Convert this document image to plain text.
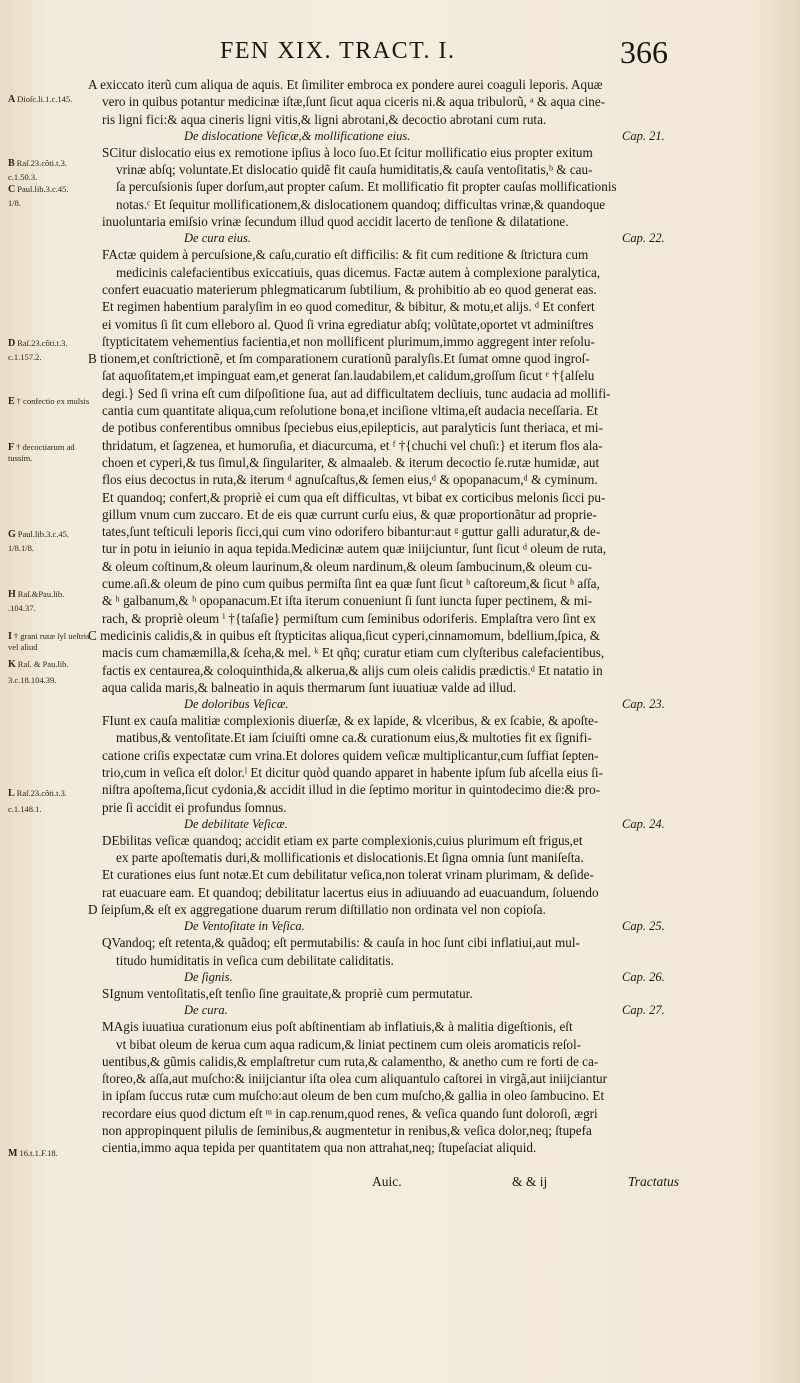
FEN XIX. TRACT. I.	366
A Dioſc.li.1.c.145.
B Raſ.23.côti.t.3.
c.1.50.3.
C Paul.lib.3.c.45.
1/8.
D Raſ.23.côti.t.3.
c.1.157.2.
E † confectio ex mulsis
F † decoctiarum ad tussim.
G Paul.lib.3.c.45.
1/8.1/8.
H Raſ.&Pau.lib.
.104.37.
I † grani rutæ ſyl ueſtris vel aliud
K Raſ. & Pau.lib.
3.c.18.104.39.
L Raſ.23.côti.t.3.
c.1.148.1.
M 16.t.1.F.18.
A exiccato iterũ cum aliqua de aquis. Et ſimiliter embroca ex pondere aurei coaguli leporis. Aquæ
vero in quibus potantur medicinæ iſtæ,ſunt ſicut aqua ciceris ni.& aqua tribulorũ, ᵃ & aqua cine-
ris ligni fici:& aqua cineris ligni vitis,& ligni abrotani,& decoctio abrotani cum ruta.
De dislocatione Veſicæ,& mollificatione eius.	Cap. 21.
SCitur dislocatio eius ex remotione ipſius à loco ſuo.Et ſcitur mollificatio eius propter exitum
vrinæ abſq; voluntate.Et dislocatio quidẽ fit cauſa humiditatis,& cauſa ventoſitatis,ᵇ & cau-
ſa percuſsionis ſuper dorſum,aut propter caſum. Et mollificatio fit propter cauſas mollificationis
notas.ᶜ Et ſequitur mollificationem,& dislocationem quandoq; difficultas vrinæ,& quandoque
inuoluntaria emiſsio vrinæ ſecundum illud quod accidit lacerto de tenſione & dilatatione.
De cura eius.	Cap. 22.
FActæ quidem à percuſsione,& caſu,curatio eſt difficilis: & fit cum reditione & ſtrictura cum
medicinis calefacientibus exiccatiuis, quas dicemus. Factæ autem à complexione paralytica,
confert euacuatio materierum phlegmaticarum ſubtilium, & prohibitio ab eo quod generat eas.
Et regimen habentium paralyſim in eo quod comeditur, & bibitur, & motu,et alijs. ᵈ Et confert
ei vomitus ſi ſit cum elleboro al. Quod ſi vrina egrediatur abſq; volũtate,oportet vt adminiſtres
ſtypticitatem vehementius facientia,et non mollificent plurimum,immo aggregent inter reſolu-
B tionem,et conſtrictionẽ, et ſm comparationem curationũ paralyſis.Et ſumat omne quod ingroſ-
ſat aquoſitatem,et impinguat eam,et generat ſan.laudabilem,et calidum,groſſum ſicut ᵉ †{alſelu
degi.} Sed ſi vrina eſt cum diſpoſitione ſua, aut ad difficultatem decliuis, tunc audacia ad mollifi-
cantia cum quantitate aliqua,cum reſolutione bona,et inciſione vltima,eſt audacia neceſſaria. Et
de potibus conferentibus omnibus ſpeciebus eius,epilepticis, aut paralyticis ſunt theriaca, et mi-
thridatum, et ſagzenea, et humoruſia, et diacurcuma, et ᶠ †{chuchi vel chuſi:} et iterum flos ala-
choen et cyperi,& tus ſimul,& ſingulariter, & almaaleb. & iterum decoctio ſe.rutæ humidæ, aut
flos eius decoctus in ruta,& iterum ᵈ agnuſcaſtus,& ſemen eius,ᵈ & opopanacum,ᵈ & cyminum.
Et quandoq; confert,& propriè ei cum qua eſt difficultas, vt bibat ex corticibus melonis ſicci pu-
gillum vnum cum zuccaro. Et de eis quæ currunt curſu eius, & quæ proportionãtur ad proprie-
tates,ſunt teſticuli leporis ſicci,qui cum vino odorifero bibantur:aut ᵍ guttur galli aduratur,& de-
tur in potu in ieiunio in aqua tepida.Medicinæ autem quæ iniĳciuntur, ſunt ſicut ᵈ oleum de ruta,
& oleum coſtinum,& oleum laurinum,& oleum nardinum,& oleum ſambucinum,& oleum cu-
cume.aſi.& oleum de pino cum quibus permiſta ſint ea quæ ſunt ſicut ʰ caſtoreum,& ſicut ʰ aſſa,
& ʰ galbanum,& ʰ opopanacum.Et iſta iterum conueniunt ſi ſunt iuncta ſuper pectinem, & mi-
rach, & propriè oleum ⁱ †{taſaſie} permiſtum cum ſeminibus odoriferis. Emplaſtra vero ſint ex
C medicinis calidis,& in quibus eſt ſtypticitas aliqua,ſicut cyperi,cinnamomum, bdellium,ſpica, &
macis cum chamæmilla,& ſceha,& mel. ᵏ Et qñq; curatur etiam cum clyſteribus calefacientibus,
factis ex centaurea,& coloquinthida,& alkerua,& alijs cum oleis calidis prædictis.ᵈ Et natatio in
aqua calida maris,& balneatio in aquis thermarum ſunt iuuatiuæ valde ad illud.
De doloribus Veſicæ.	Cap. 23.
FIunt ex cauſa malitiæ complexionis diuerſæ, & ex lapide, & vlceribus, & ex ſcabie, & apoſte-
matibus,& ventoſitate.Et iam ſciuiſti omne ca.& curationum eius,& multoties fit ex ſignifi-
catione criſis expectatæ cum vrina.Et dolores quidem veſicæ multiplicantur,cum ſuffiat ſepten-
trio,cum in veſica eſt dolor.ˡ Et dicitur quòd quando apparet in habente ipſum ſub aſcella eius ſi-
niſtra apoſtema,ſicut cydonia,& accidit illud in die ſeptimo moritur in quintodecimo die:& pro-
prie ſi accidit ei profundus ſomnus.
De debilitate Veſicæ.	Cap. 24.
DEbilitas veſicæ quandoq; accidit etiam ex parte complexionis,cuius plurimum eſt frigus,et
ex parte apoſtematis duri,& mollificationis et dislocationis.Et ſigna omnia ſunt maniſeſta.
Et curationes eius ſunt notæ.Et cum debilitatur veſica,non tolerat vrinam plurimam, & deſide-
rat euacuare eam. Et quandoq; debilitatur lacertus eius in adiuuando ad euacuandum, ſoluendo
D ſeipſum,& eſt ex aggregatione duarum rerum diſtillatio non ordinata vel non copioſa.
De Ventoſitate in Veſica.	Cap. 25.
QVandoq; eſt retenta,& quãdoq; eſt permutabilis: & cauſa in hoc ſunt cibi inflatiui,aut mul-
titudo humiditatis in veſica cum debilitate caliditatis.
De ſignis.	Cap. 26.
SIgnum ventoſitatis,eſt tenſio ſine grauitate,& propriè cum permutatur.
De cura.	Cap. 27.
MAgis iuuatiua curationum eius poſt abſtinentiam ab inflatiuis,& à malitia digeſtionis, eſt
vt bibat oleum de kerua cum aqua radicum,& liniat pectinem cum oleis aromaticis reſol-
uentibus,& gũmis calidis,& emplaſtretur cum ruta,& calamentho, & anetho cum re forti de ca-
ſtoreo,& aſſa,aut muſcho:& iniĳciantur iſta olea cum aliquantulo caſtorei in virgã,aut iniĳciantur
in ipſam ſuccus rutæ cum muſcho:aut oleum de ben cum muſcho,& gallia in oleo ſambucino. Et
recordare eius quod dictum eſt ᵐ in cap.renum,quod renes, & veſica quando ſunt doloroſi, ægri
non appropinquent pilulis de ſeminibus,& augmentetur in renibus,& veſica dolor,neq; ſtupefa
cientia,immo aqua tepida per quantitatem qua non attrahat,neq; ſtupeſaciat aliquid.
Auic.	& & ij	Tractatus
